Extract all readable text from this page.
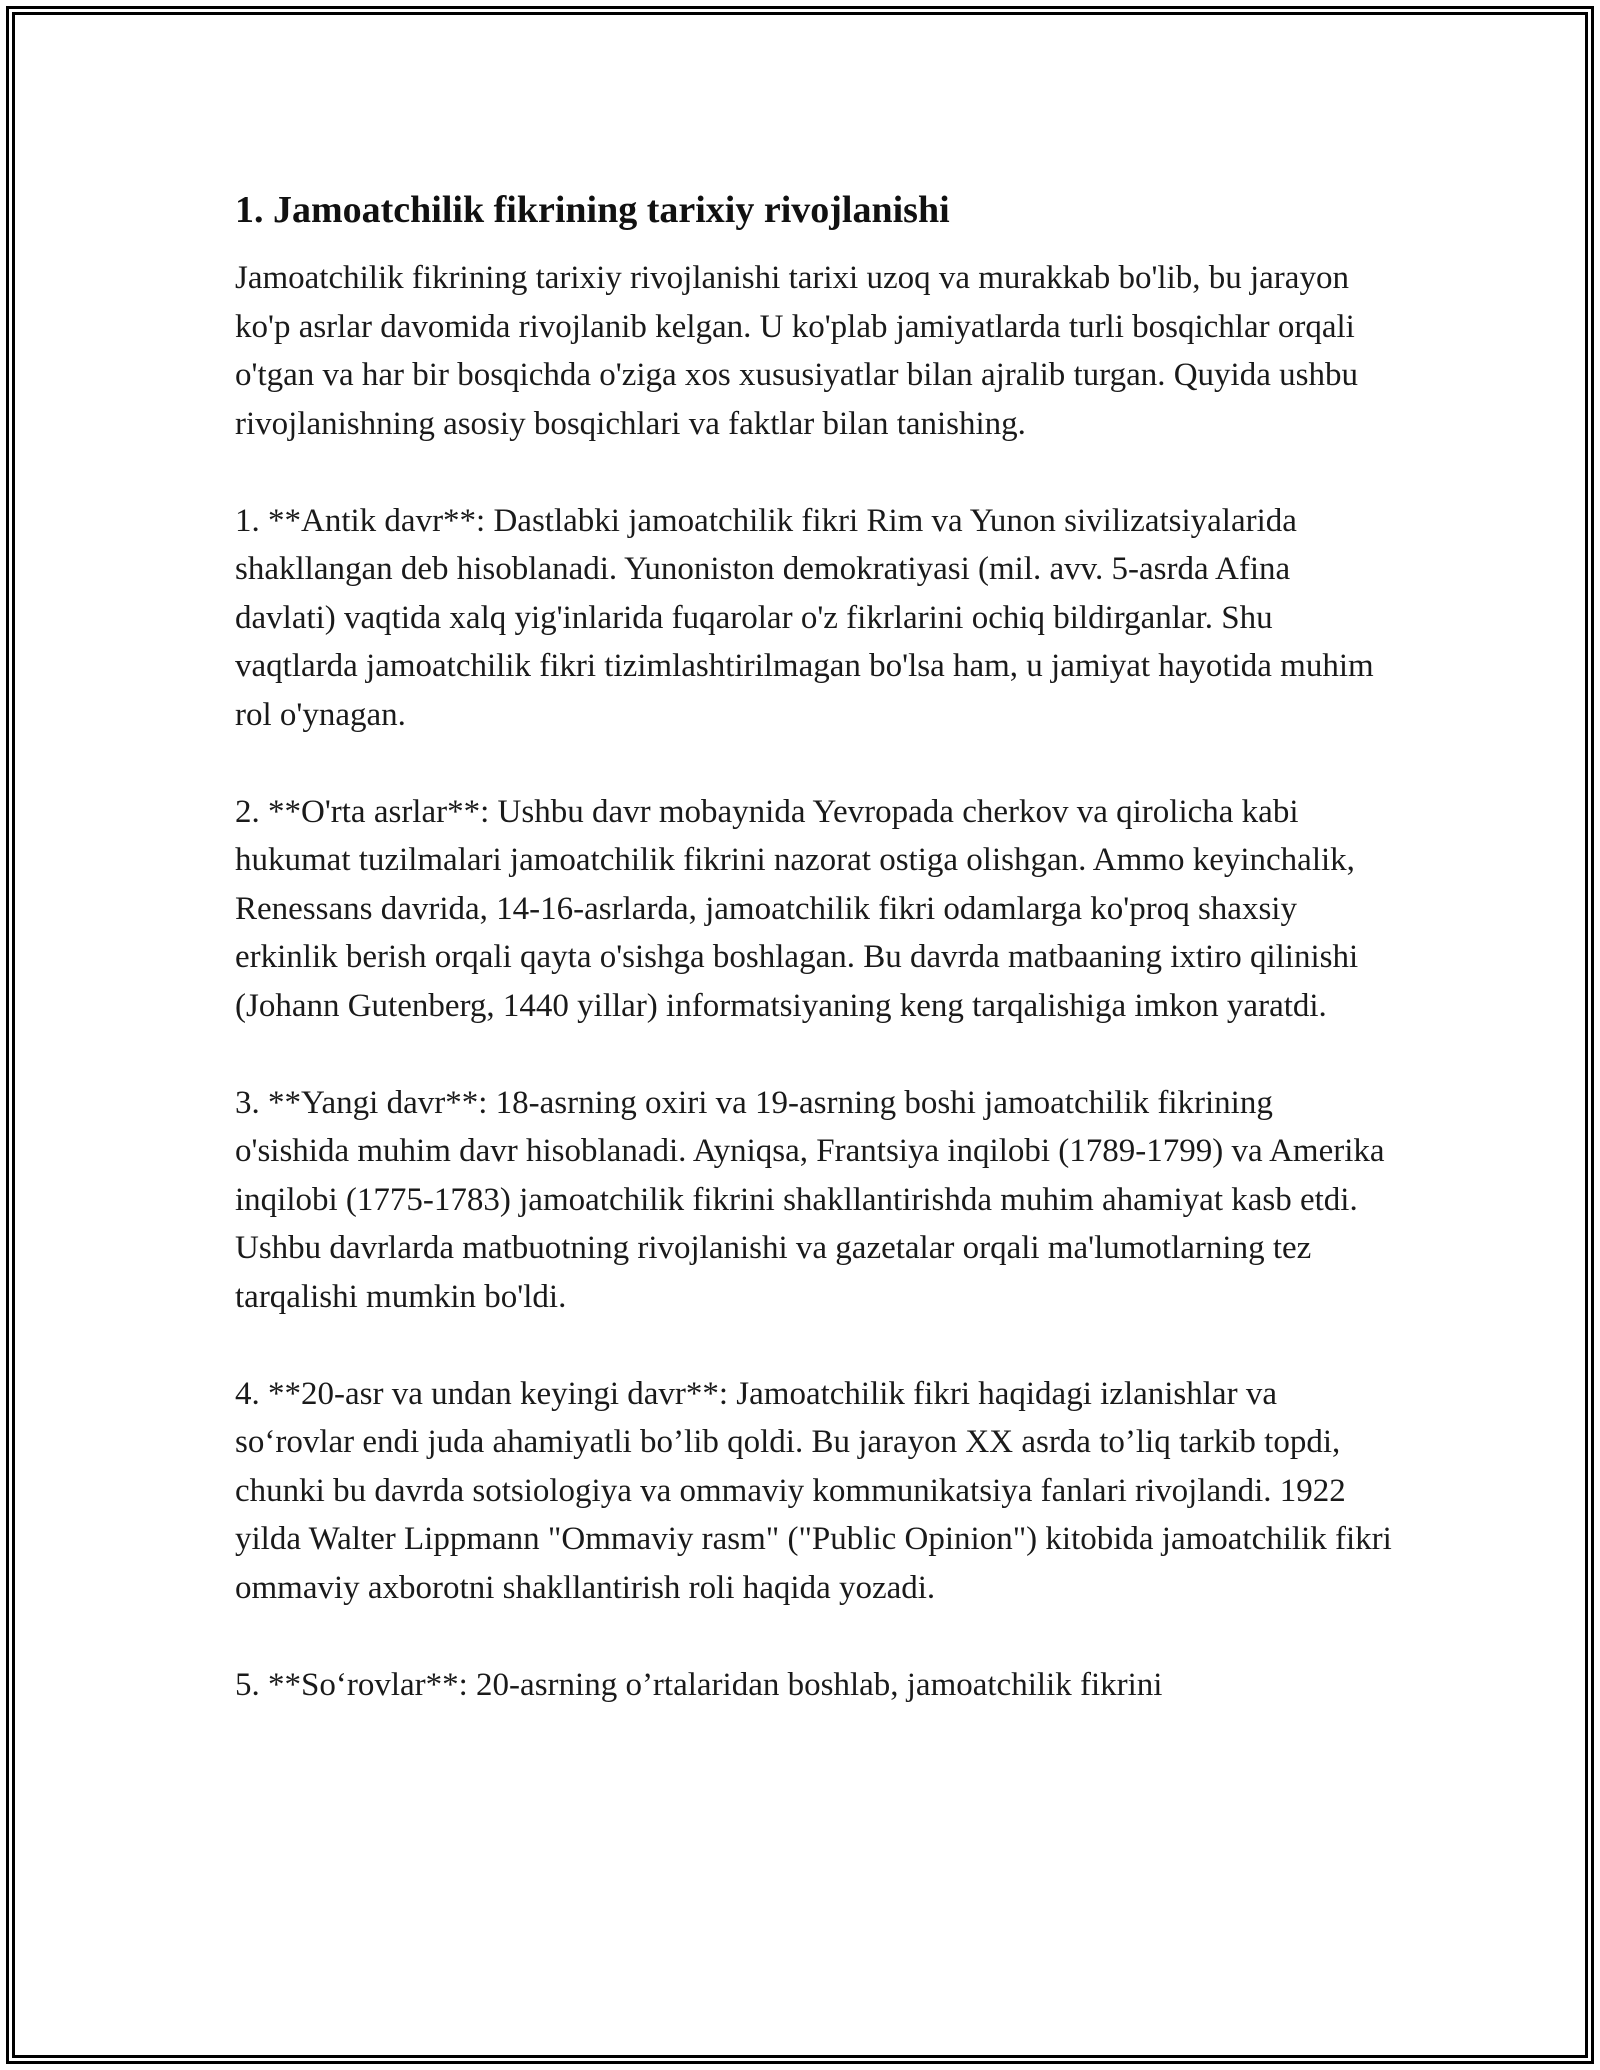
1. Jamoatchilik fikrining tarixiy rivojlanishi

Jamoatchilik fikrining tarixiy rivojlanishi tarixi uzoq va murakkab bo'lib, bu jarayon ko'p asrlar davomida rivojlanib kelgan. U ko'plab jamiyatlarda turli bosqichlar orqali o'tgan va har bir bosqichda o'ziga xos xususiyatlar bilan ajralib turgan. Quyida ushbu rivojlanishning asosiy bosqichlari va faktlar bilan tanishing.

1. **Antik davr**: Dastlabki jamoatchilik fikri Rim va Yunon sivilizatsiyalarida shakllangan deb hisoblanadi. Yunoniston demokratiyasi (mil. avv. 5-asrda Afina davlati) vaqtida xalq yig'inlarida fuqarolar o'z fikrlarini ochiq bildirganlar. Shu vaqtlarda jamoatchilik fikri tizimlashtirilmagan bo'lsa ham, u jamiyat hayotida muhim rol o'ynagan.

2. **O'rta asrlar**: Ushbu davr mobaynida Yevropada cherkov va qirolicha kabi hukumat tuzilmalari jamoatchilik fikrini nazorat ostiga olishgan. Ammo keyinchalik, Renessans davrida, 14-16-asrlarda, jamoatchilik fikri odamlarga ko'proq shaxsiy erkinlik berish orqali qayta o'sishga boshlagan. Bu davrda matbaaning ixtiro qilinishi (Johann Gutenberg, 1440 yillar) informatsiyaning keng tarqalishiga imkon yaratdi.

3. **Yangi davr**: 18-asrning oxiri va 19-asrning boshi jamoatchilik fikrining o'sishida muhim davr hisoblanadi. Ayniqsa, Frantsiya inqilobi (1789-1799) va Amerika inqilobi (1775-1783) jamoatchilik fikrini shakllantirishda muhim ahamiyat kasb etdi. Ushbu davrlarda matbuotning rivojlanishi va gazetalar orqali ma'lumotlarning tez tarqalishi mumkin bo'ldi.

4. **20-asr va undan keyingi davr**: Jamoatchilik fikri haqidagi izlanishlar va so‘rovlar endi juda ahamiyatli bo’lib qoldi. Bu jarayon XX asrda to’liq tarkib topdi, chunki bu davrda sotsiologiya va ommaviy kommunikatsiya fanlari rivojlandi. 1922 yilda Walter Lippmann "Ommaviy rasm" ("Public Opinion") kitobida jamoatchilik fikri ommaviy axborotni shakllantirish roli haqida yozadi.

5. **So‘rovlar**: 20-asrning o’rtalaridan boshlab, jamoatchilik fikrini
